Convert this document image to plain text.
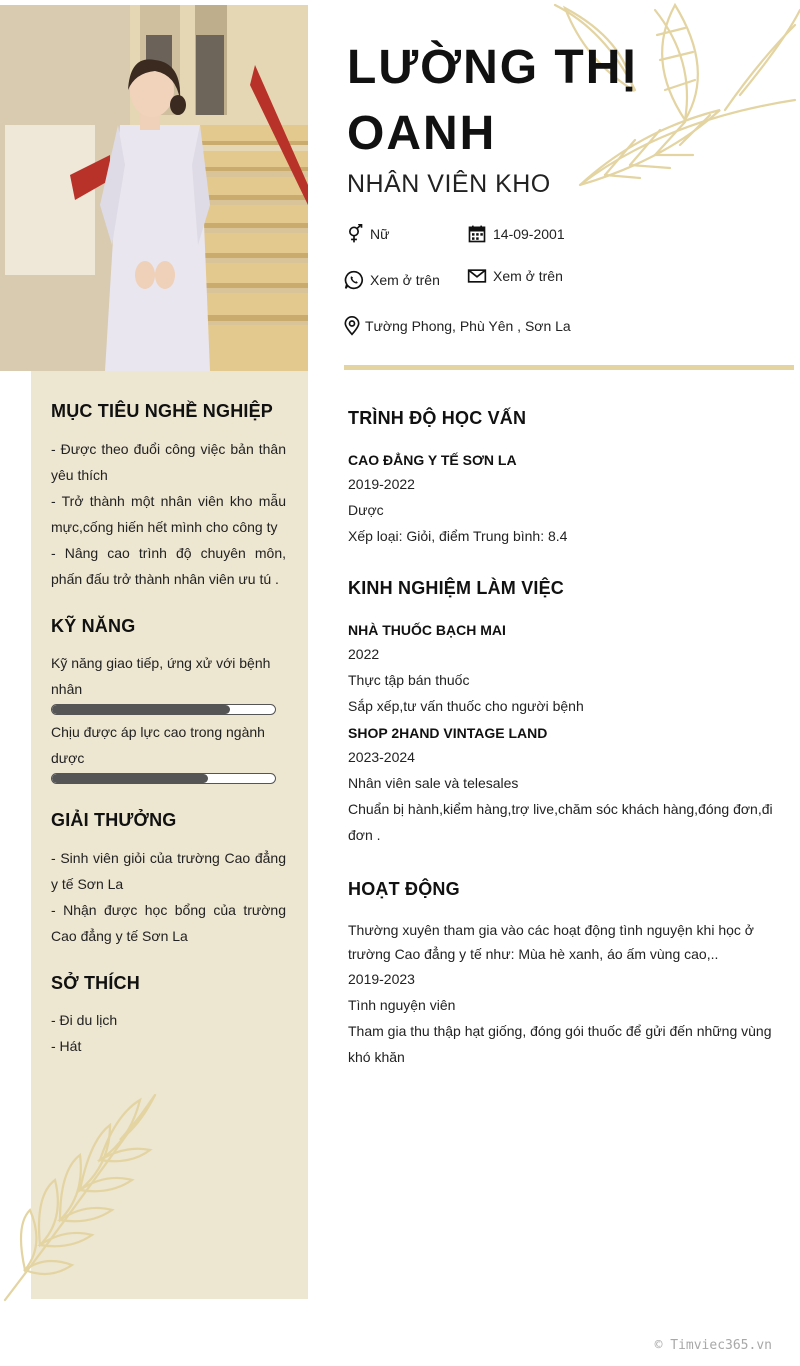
LƯỜNG THỊ OANH
NHÂN VIÊN KHO
Nữ	14-09-2001
Xem ở trên	Xem ở trên
Tường Phong, Phù Yên , Sơn La
MỤC TIÊU NGHỀ NGHIỆP
- Được theo đuổi công việc bản thân yêu thích
- Trở thành một nhân viên kho mẫu mực,cống hiến hết mình cho công ty
- Nâng cao trình độ chuyên môn, phấn đấu trở thành nhân viên ưu tú .
KỸ NĂNG
Kỹ năng giao tiếp, ứng xử với bệnh nhân
Chịu được áp lực cao trong ngành dược
GIẢI THƯỞNG
- Sinh viên giỏi của trường Cao đẳng y tế Sơn La
- Nhận được học bổng của trường Cao đẳng y tế Sơn La
SỞ THÍCH
- Đi du lịch
- Hát
TRÌNH ĐỘ HỌC VẤN
CAO ĐẲNG Y TẾ SƠN LA
2019-2022
Dược
Xếp loại: Giỏi, điểm Trung bình: 8.4
KINH NGHIỆM LÀM VIỆC
NHÀ THUỐC BẠCH MAI
2022
Thực tập bán thuốc
Sắp xếp,tư vấn thuốc cho người bệnh
SHOP 2HAND VINTAGE LAND
2023-2024
Nhân viên sale và telesales
Chuẩn bị hành,kiểm hàng,trợ live,chăm sóc khách hàng,đóng đơn,đi đơn .
HOẠT ĐỘNG
Thường xuyên tham gia vào các hoạt động tình nguyện khi học ở trường Cao đẳng y tế như: Mùa hè xanh, áo ấm vùng cao,..
2019-2023
Tình nguyện viên
Tham gia thu thập hạt giống, đóng gói thuốc để gửi đến những vùng khó khăn
© Timviec365.vn
